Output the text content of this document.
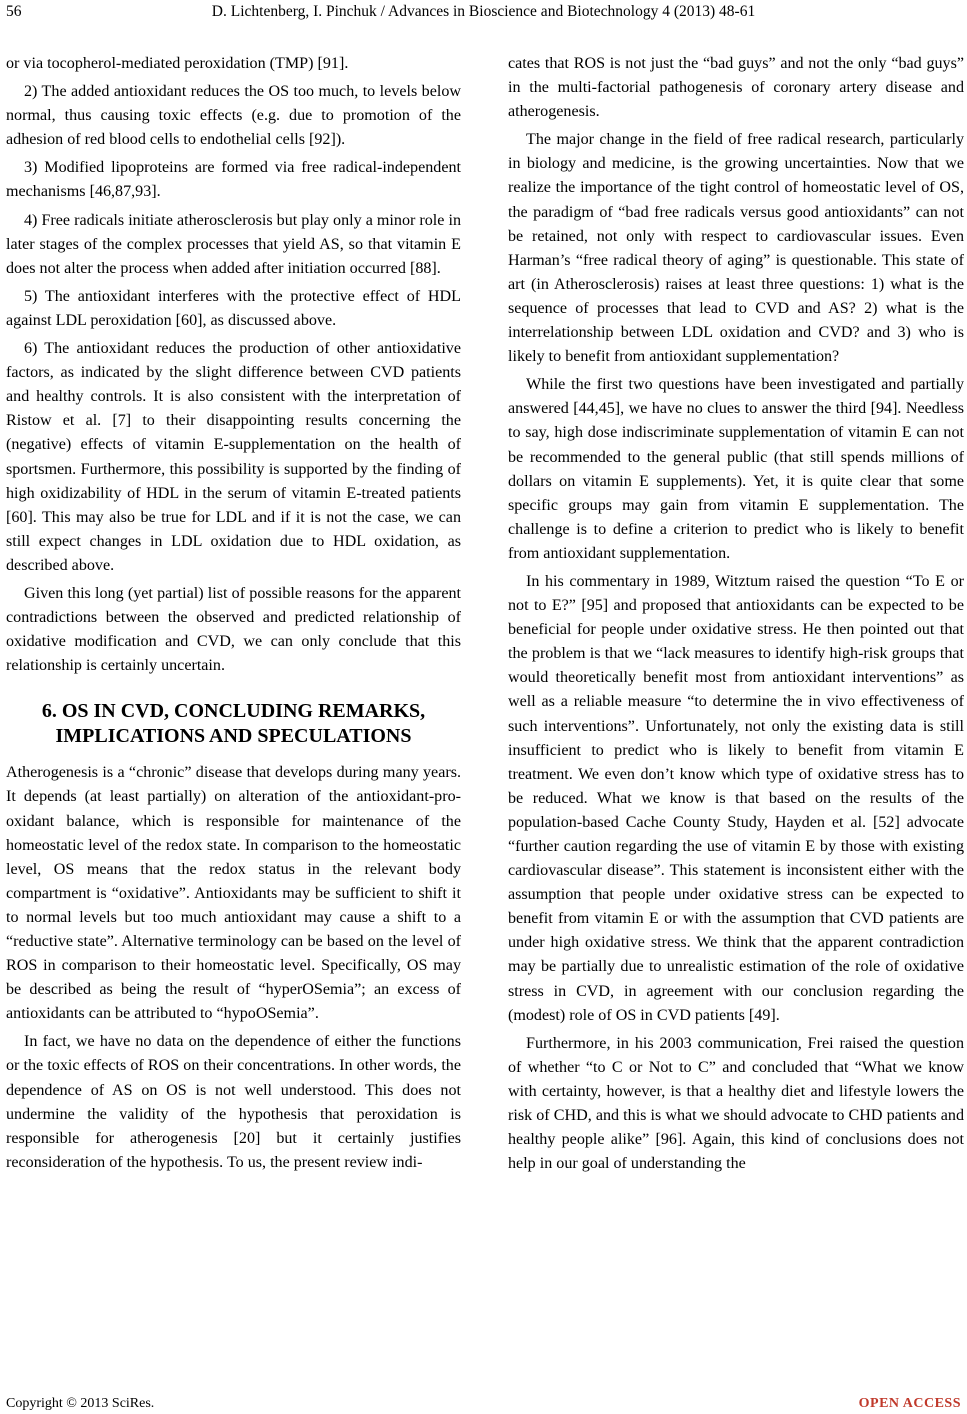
56	D. Lichtenberg, I. Pinchuk / Advances in Bioscience and Biotechnology 4 (2013) 48-61

or via tocopherol-mediated peroxidation (TMP) [91].

2) The added antioxidant reduces the OS too much, to levels below normal, thus causing toxic effects (e.g. due to promotion of the adhesion of red blood cells to endothelial cells [92]).

3) Modified lipoproteins are formed via free radical-independent mechanisms [46,87,93].

4) Free radicals initiate atherosclerosis but play only a minor role in later stages of the complex processes that yield AS, so that vitamin E does not alter the process when added after initiation occurred [88].

5) The antioxidant interferes with the protective effect of HDL against LDL peroxidation [60], as discussed above.

6) The antioxidant reduces the production of other antioxidative factors, as indicated by the slight difference between CVD patients and healthy controls. It is also consistent with the interpretation of Ristow et al. [7] to their disappointing results concerning the (negative) effects of vitamin E-supplementation on the health of sportsmen. Furthermore, this possibility is supported by the finding of high oxidizability of HDL in the serum of vitamin E-treated patients [60]. This may also be true for LDL and if it is not the case, we can still expect changes in LDL oxidation due to HDL oxidation, as described above.

Given this long (yet partial) list of possible reasons for the apparent contradictions between the observed and predicted relationship of oxidative modification and CVD, we can only conclude that this relationship is certainly uncertain.

6. OS IN CVD, CONCLUDING REMARKS, IMPLICATIONS AND SPECULATIONS

Atherogenesis is a “chronic” disease that develops during many years. It depends (at least partially) on alteration of the antioxidant-pro-oxidant balance, which is responsible for maintenance of the homeostatic level of the redox state. In comparison to the homeostatic level, OS means that the redox status in the relevant body compartment is “oxidative”. Antioxidants may be sufficient to shift it to normal levels but too much antioxidant may cause a shift to a “reductive state”. Alternative terminology can be based on the level of ROS in comparison to their homeostatic level. Specifically, OS may be described as being the result of “hyperOSemia”; an excess of antioxidants can be attributed to “hypoOSemia”.

In fact, we have no data on the dependence of either the functions or the toxic effects of ROS on their concentrations. In other words, the dependence of AS on OS is not well understood. This does not undermine the validity of the hypothesis that peroxidation is responsible for atherogenesis [20] but it certainly justifies reconsideration of the hypothesis. To us, the present review indi-

cates that ROS is not just the “bad guys” and not the only “bad guys” in the multi-factorial pathogenesis of coronary artery disease and atherogenesis.

The major change in the field of free radical research, particularly in biology and medicine, is the growing uncertainties. Now that we realize the importance of the tight control of homeostatic level of OS, the paradigm of “bad free radicals versus good antioxidants” can not be retained, not only with respect to cardiovascular issues. Even Harman’s “free radical theory of aging” is questionable. This state of art (in Atherosclerosis) raises at least three questions: 1) what is the sequence of processes that lead to CVD and AS? 2) what is the interrelationship between LDL oxidation and CVD? and 3) who is likely to benefit from antioxidant supplementation?

While the first two questions have been investigated and partially answered [44,45], we have no clues to answer the third [94]. Needless to say, high dose indiscriminate supplementation of vitamin E can not be recommended to the general public (that still spends millions of dollars on vitamin E supplements). Yet, it is quite clear that some specific groups may gain from vitamin E supplementation. The challenge is to define a criterion to predict who is likely to benefit from antioxidant supplementation.

In his commentary in 1989, Witztum raised the question “To E or not to E?” [95] and proposed that antioxidants can be expected to be beneficial for people under oxidative stress. He then pointed out that the problem is that we “lack measures to identify high-risk groups that would theoretically benefit most from antioxidant interventions” as well as a reliable measure “to determine the in vivo effectiveness of such interventions”. Unfortunately, not only the existing data is still insufficient to predict who is likely to benefit from vitamin E treatment. We even don’t know which type of oxidative stress has to be reduced. What we know is that based on the results of the population-based Cache County Study, Hayden et al. [52] advocate “further caution regarding the use of vitamin E by those with existing cardiovascular disease”. This statement is inconsistent either with the assumption that people under oxidative stress can be expected to benefit from vitamin E or with the assumption that CVD patients are under high oxidative stress. We think that the apparent contradiction may be partially due to unrealistic estimation of the role of oxidative stress in CVD, in agreement with our conclusion regarding the (modest) role of OS in CVD patients [49].

Furthermore, in his 2003 communication, Frei raised the question of whether “to C or Not to C” and concluded that “What we know with certainty, however, is that a healthy diet and lifestyle lowers the risk of CHD, and this is what we should advocate to CHD patients and healthy people alike” [96]. Again, this kind of conclusions does not help in our goal of understanding the

Copyright © 2013 SciRes.	OPEN ACCESS
